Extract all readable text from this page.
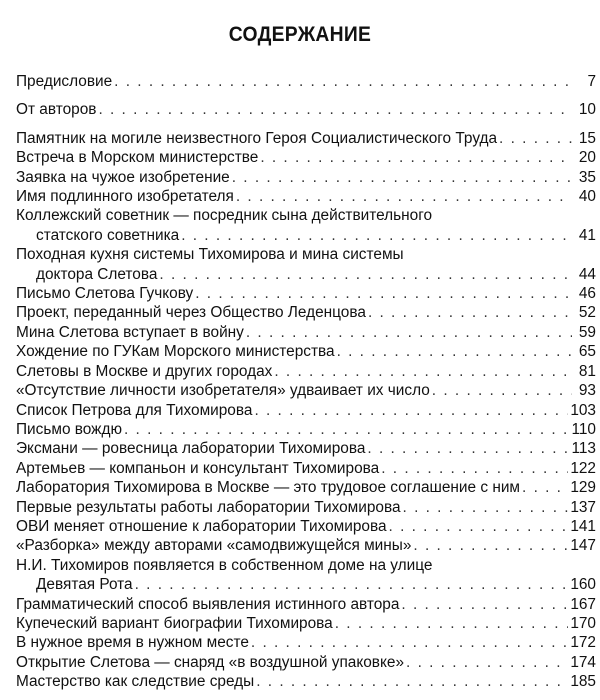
СОДЕРЖАНИЕ
Предисловие . . .	7
От авторов . . .	10
Памятник на могиле неизвестного Героя Социалистического Труда . . .	15
Встреча в Морском министерстве . . .	20
Заявка на чужое изобретение . . .	35
Имя подлинного изобретателя . . .	40
Коллежский советник — посредник сына действительного
статского советника . . .	41
Походная кухня системы Тихомирова и мина системы
доктора Слетова . . .	44
Письмо Слетова Гучкову . . .	46
Проект, переданный через Общество Леденцова . . .	52
Мина Слетова вступает в войну . . .	59
Хождение по ГУКам Морского министерства . . .	65
Слетовы в Москве и других городах . . .	81
«Отсутствие личности изобретателя» удваивает их число . . .	93
Список Петрова для Тихомирова . . .	103
Письмо вождю . . .	110
Эксмани — ровесница лаборатории Тихомирова . . .	113
Артемьев — компаньон и консультант Тихомирова . . .	122
Лаборатория Тихомирова в Москве — это трудовое соглашение с ним . . .	129
Первые результаты работы лаборатории Тихомирова . . .	137
ОВИ меняет отношение к лаборатории Тихомирова . . .	141
«Разборка» между авторами «самодвижущейся мины» . . .	147
Н.И. Тихомиров появляется в собственном доме на улице
Девятая Рота . . .	160
Грамматический способ выявления истинного автора . . .	167
Купеческий вариант биографии Тихомирова . . .	170
В нужное время в нужном месте . . .	172
Открытие Слетова — снаряд «в воздушной упаковке» . . .	174
Мастерство как следствие среды . . .	185
